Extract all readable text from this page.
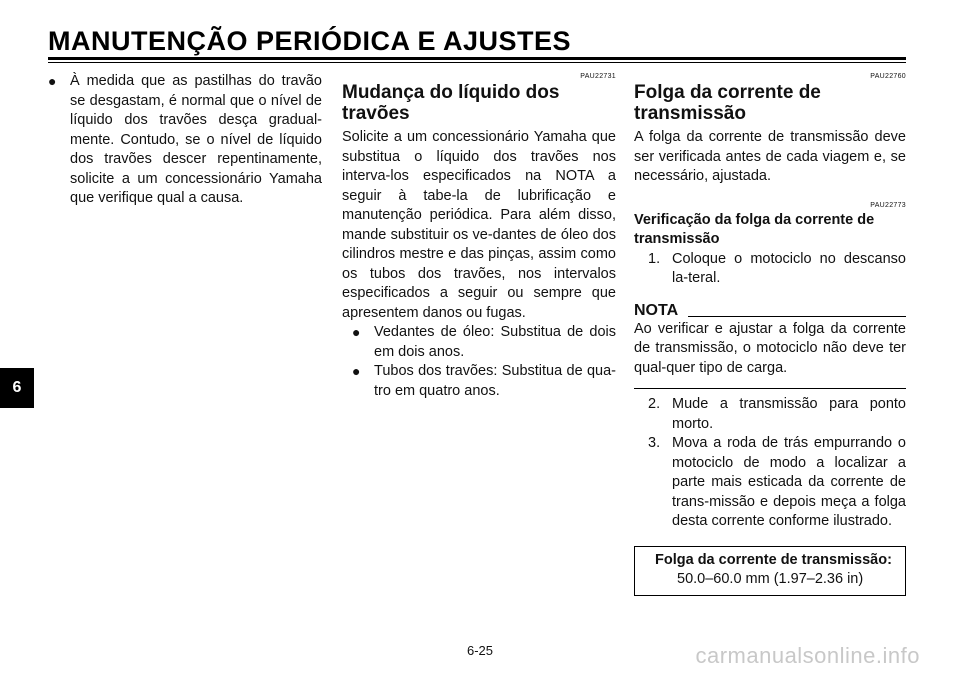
MANUTENÇÃO PERIÓDICA E AJUSTES
6
● À medida que as pastilhas do travão se desgastam, é normal que o nível de líquido dos travões desça gradual-mente. Contudo, se o nível de líquido dos travões descer repentinamente, solicite a um concessionário Yamaha que verifique qual a causa.
PAU22731
Mudança do líquido dos travões

Solicite a um concessionário Yamaha que substitua o líquido dos travões nos interva-los especificados na NOTA a seguir à tabe-la de lubrificação e manutenção periódica. Para além disso, mande substituir os ve-dantes de óleo dos cilindros mestre e das pinças, assim como os tubos dos travões, nos intervalos especificados a seguir ou sempre que apresentem danos ou fugas.

● Vedantes de óleo: Substitua de dois em dois anos.
● Tubos dos travões: Substitua de qua-tro em quatro anos.
PAU22760
Folga da corrente de transmissão

A folga da corrente de transmissão deve ser verificada antes de cada viagem e, se necessário, ajustada.

PAU22773
Verificação da folga da corrente de transmissão
1. Coloque o motociclo no descanso la-teral.
NOTA

Ao verificar e ajustar a folga da corrente de transmissão, o motociclo não deve ter qual-quer tipo de carga.

2. Mude a transmissão para ponto morto.
3. Mova a roda de trás empurrando o motociclo de modo a localizar a parte mais esticada da corrente de trans-missão e depois meça a folga desta corrente conforme ilustrado.
Folga da corrente de transmissão:
50.0–60.0 mm (1.97–2.36 in)
6-25	carmanualsonline.info
